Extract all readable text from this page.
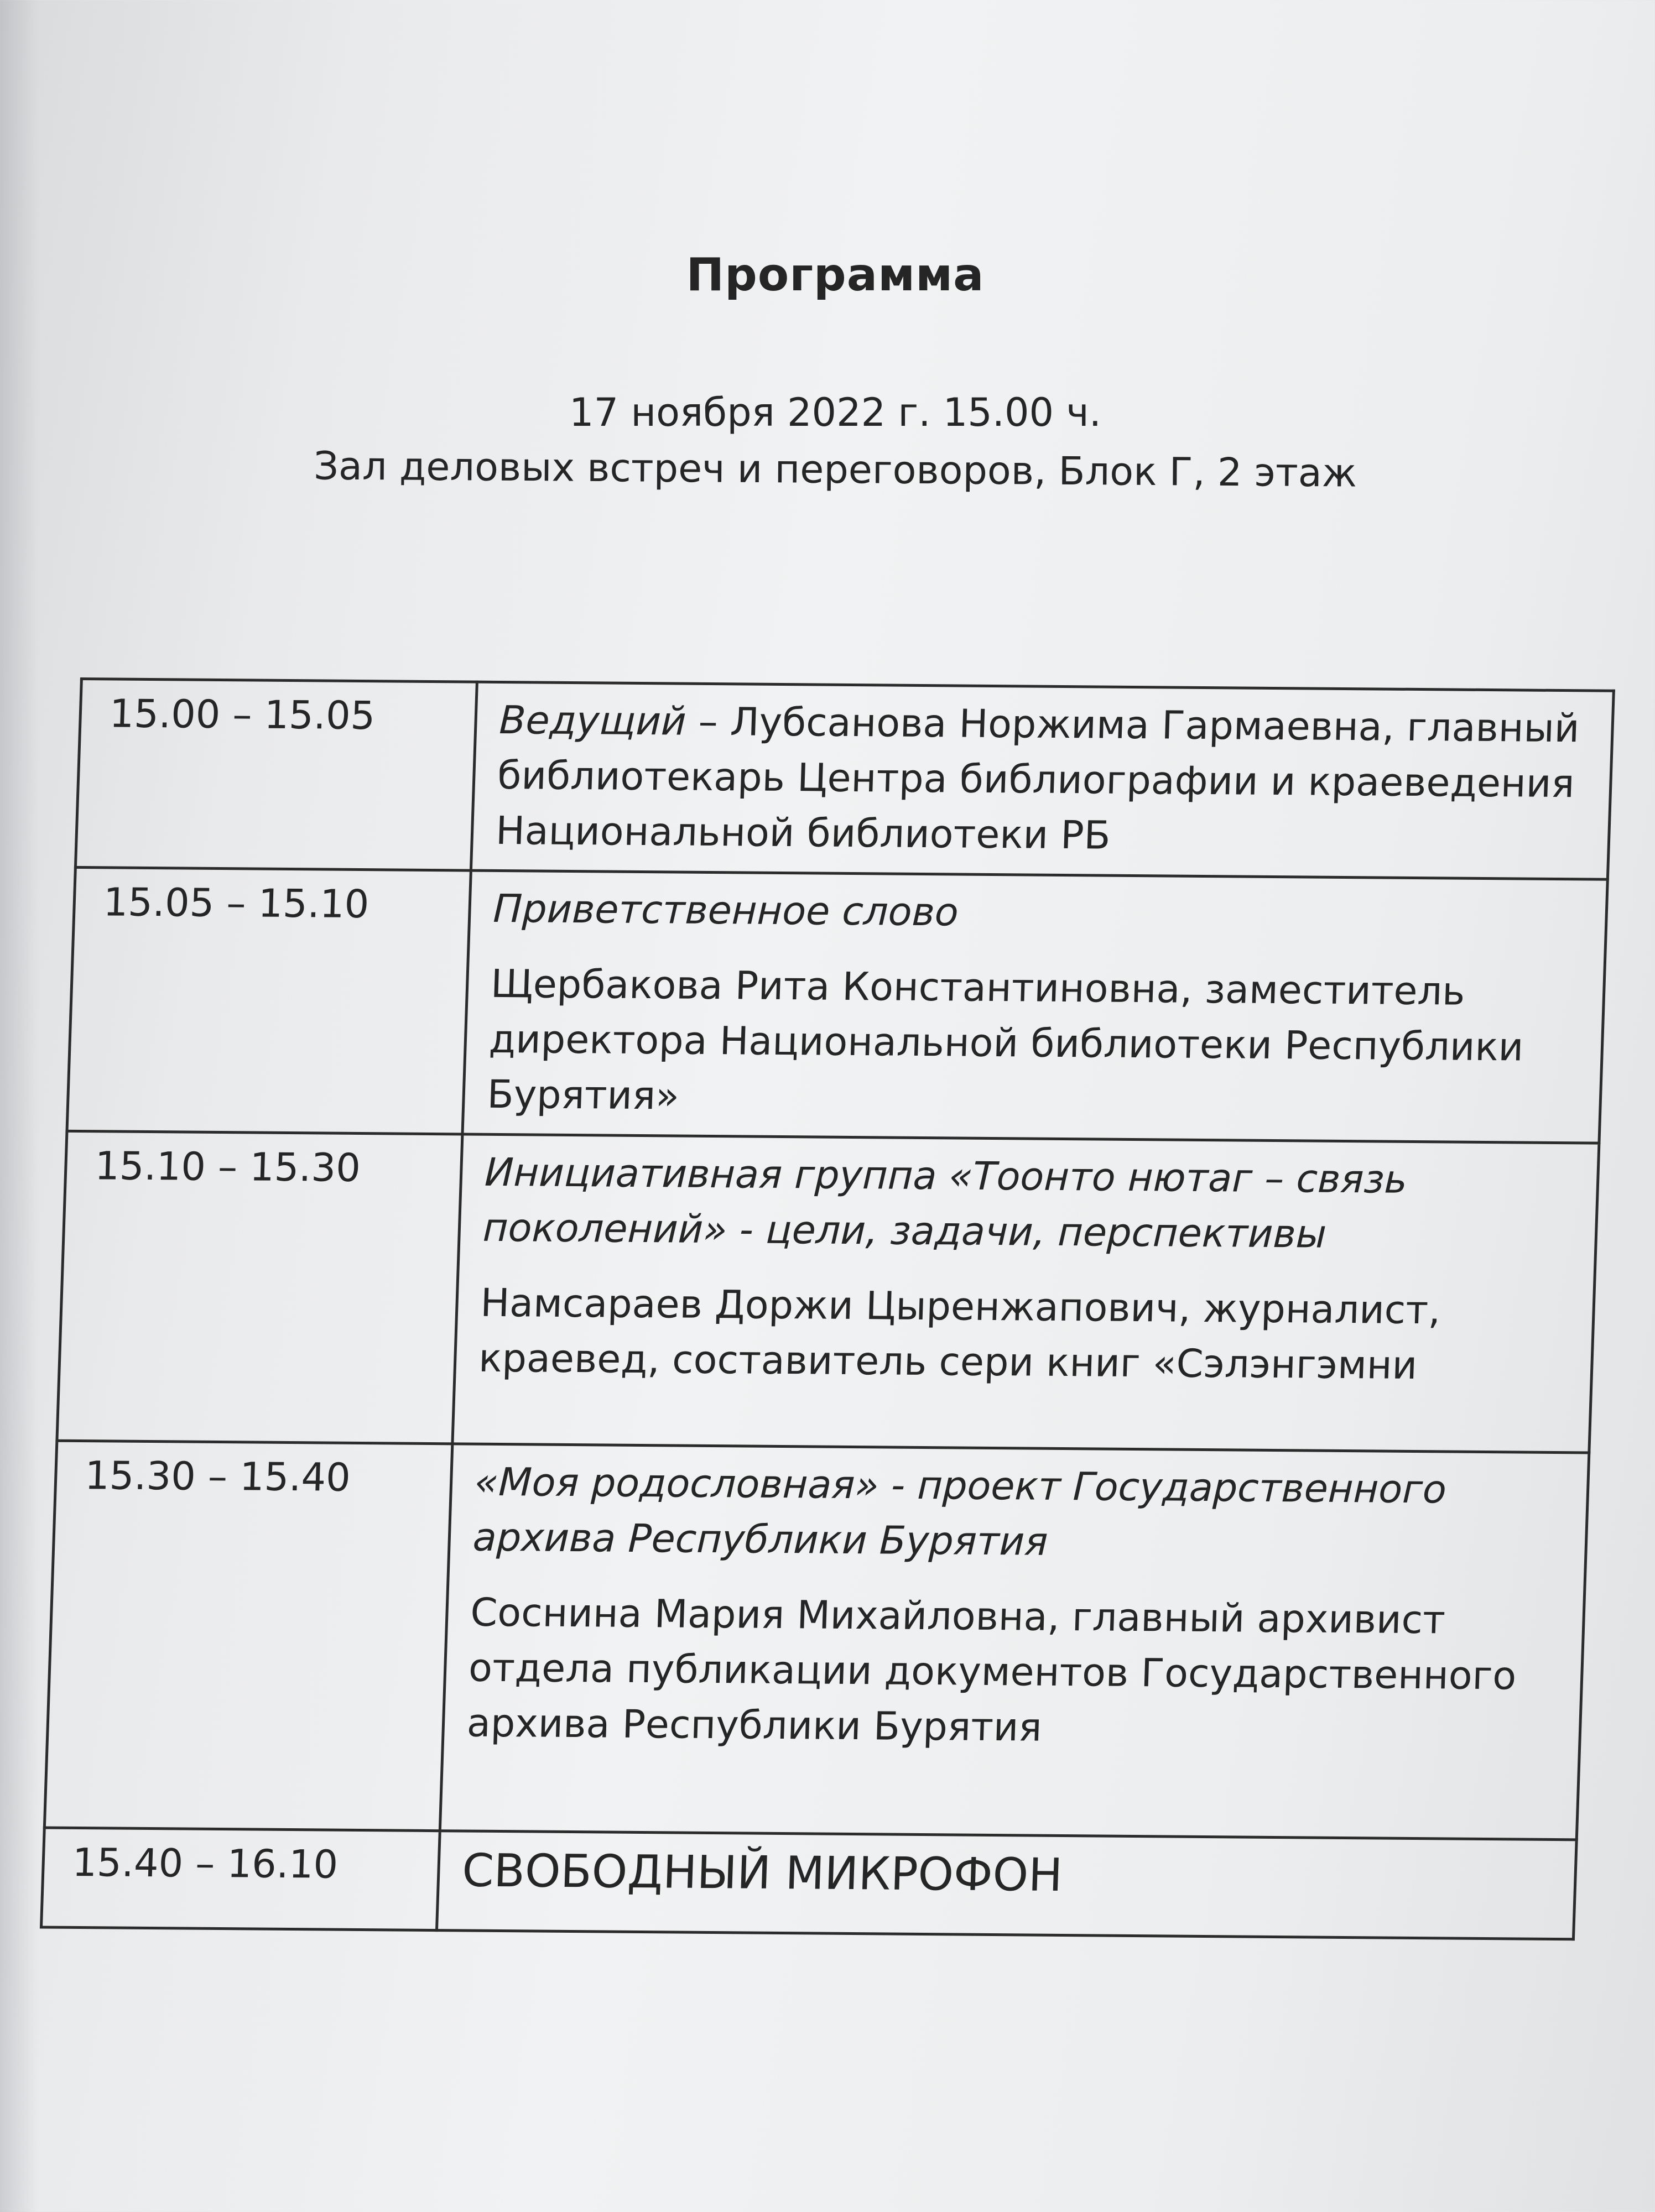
Программа
17 ноября 2022 г. 15.00 ч.
Зал деловых встреч и переговоров, Блок Г, 2 этаж
15.00 – 15.05	Ведущий – Лубсанова Норжима Гармаевна, главный библиотекарь Центра библиографии и краеведения Национальной библиотеки РБ

15.05 – 15.10	Приветственное слово

Щербакова Рита Константиновна, заместитель директора Национальной библиотеки Республики Бурятия»

15.10 – 15.30	Инициативная группа «Тоонто нютаг – связь поколений» - цели, задачи, перспективы

Намсараев Доржи Цыренжапович, журналист, краевед, составитель сери книг «Сэлэнгэмни

15.30 – 15.40	«Моя родословная» - проект Государственного архива Республики Бурятия

Соснина Мария Михайловна, главный архивист отдела публикации документов Государственного архива Республики Бурятия

15.40 – 16.10	СВОБОДНЫЙ МИКРОФОН
